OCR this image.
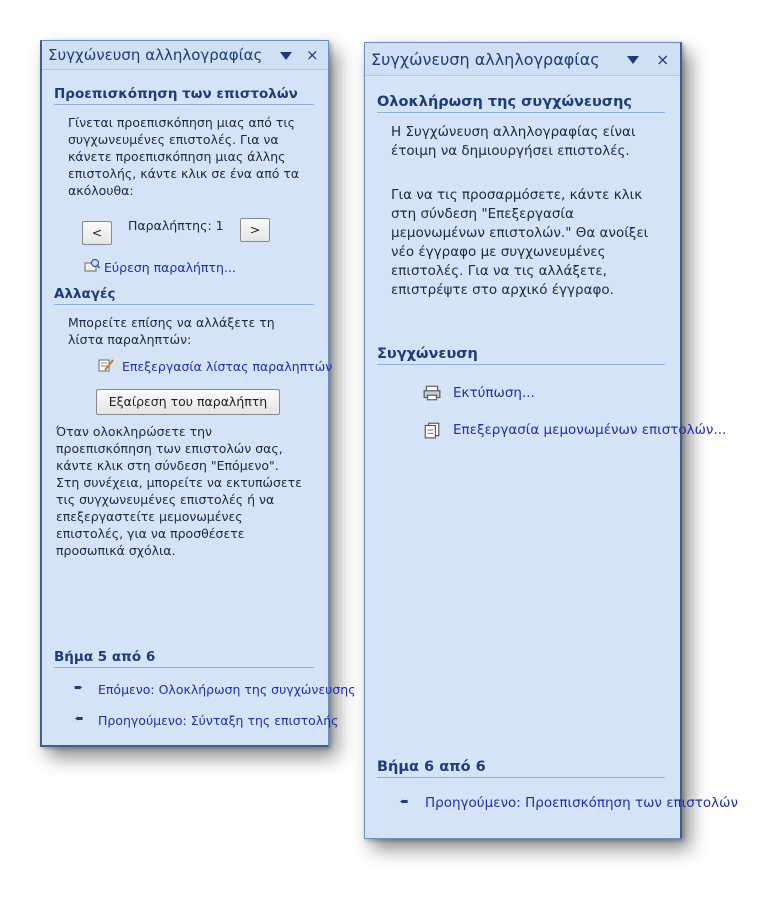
Συγχώνευση αλληλογραφίας	×
Προεπισκόπηση των επιστολών
Γίνεται προεπισκόπηση μιας από τις συγχωνευμένες επιστολές. Για να κάνετε προεπισκόπηση μιας άλλης επιστολής, κάντε κλικ σε ένα από τα ακόλουθα:
<	Παραλήπτης: 1	>
Εύρεση παραλήπτη...
Αλλαγές
Μπορείτε επίσης να αλλάξετε τη λίστα παραληπτών:
Επεξεργασία λίστας παραληπτών
Εξαίρεση του παραλήπτη
Όταν ολοκληρώσετε την προεπισκόπηση των επιστολών σας, κάντε κλικ στη σύνδεση "Επόμενο". Στη συνέχεια, μπορείτε να εκτυπώσετε τις συγχωνευμένες επιστολές ή να επεξεργαστείτε μεμονωμένες επιστολές, για να προσθέσετε προσωπικά σχόλια.
Βήμα 5 από 6
➨ Επόμενο: Ολοκλήρωση της συγχώνευσης
➨ Προηγούμενο: Σύνταξη της επιστολής
Συγχώνευση αλληλογραφίας	×
Ολοκλήρωση της συγχώνευσης
Η Συγχώνευση αλληλογραφίας είναι έτοιμη να δημιουργήσει επιστολές.
Για να τις προσαρμόσετε, κάντε κλικ στη σύνδεση "Επεξεργασία μεμονωμένων επιστολών." Θα ανοίξει νέο έγγραφο με συγχωνευμένες επιστολές. Για να τις αλλάξετε, επιστρέψτε στο αρχικό έγγραφο.
Συγχώνευση
Εκτύπωση...
Επεξεργασία μεμονωμένων επιστολών...
Βήμα 6 από 6
➨ Προηγούμενο: Προεπισκόπηση των επιστολών
